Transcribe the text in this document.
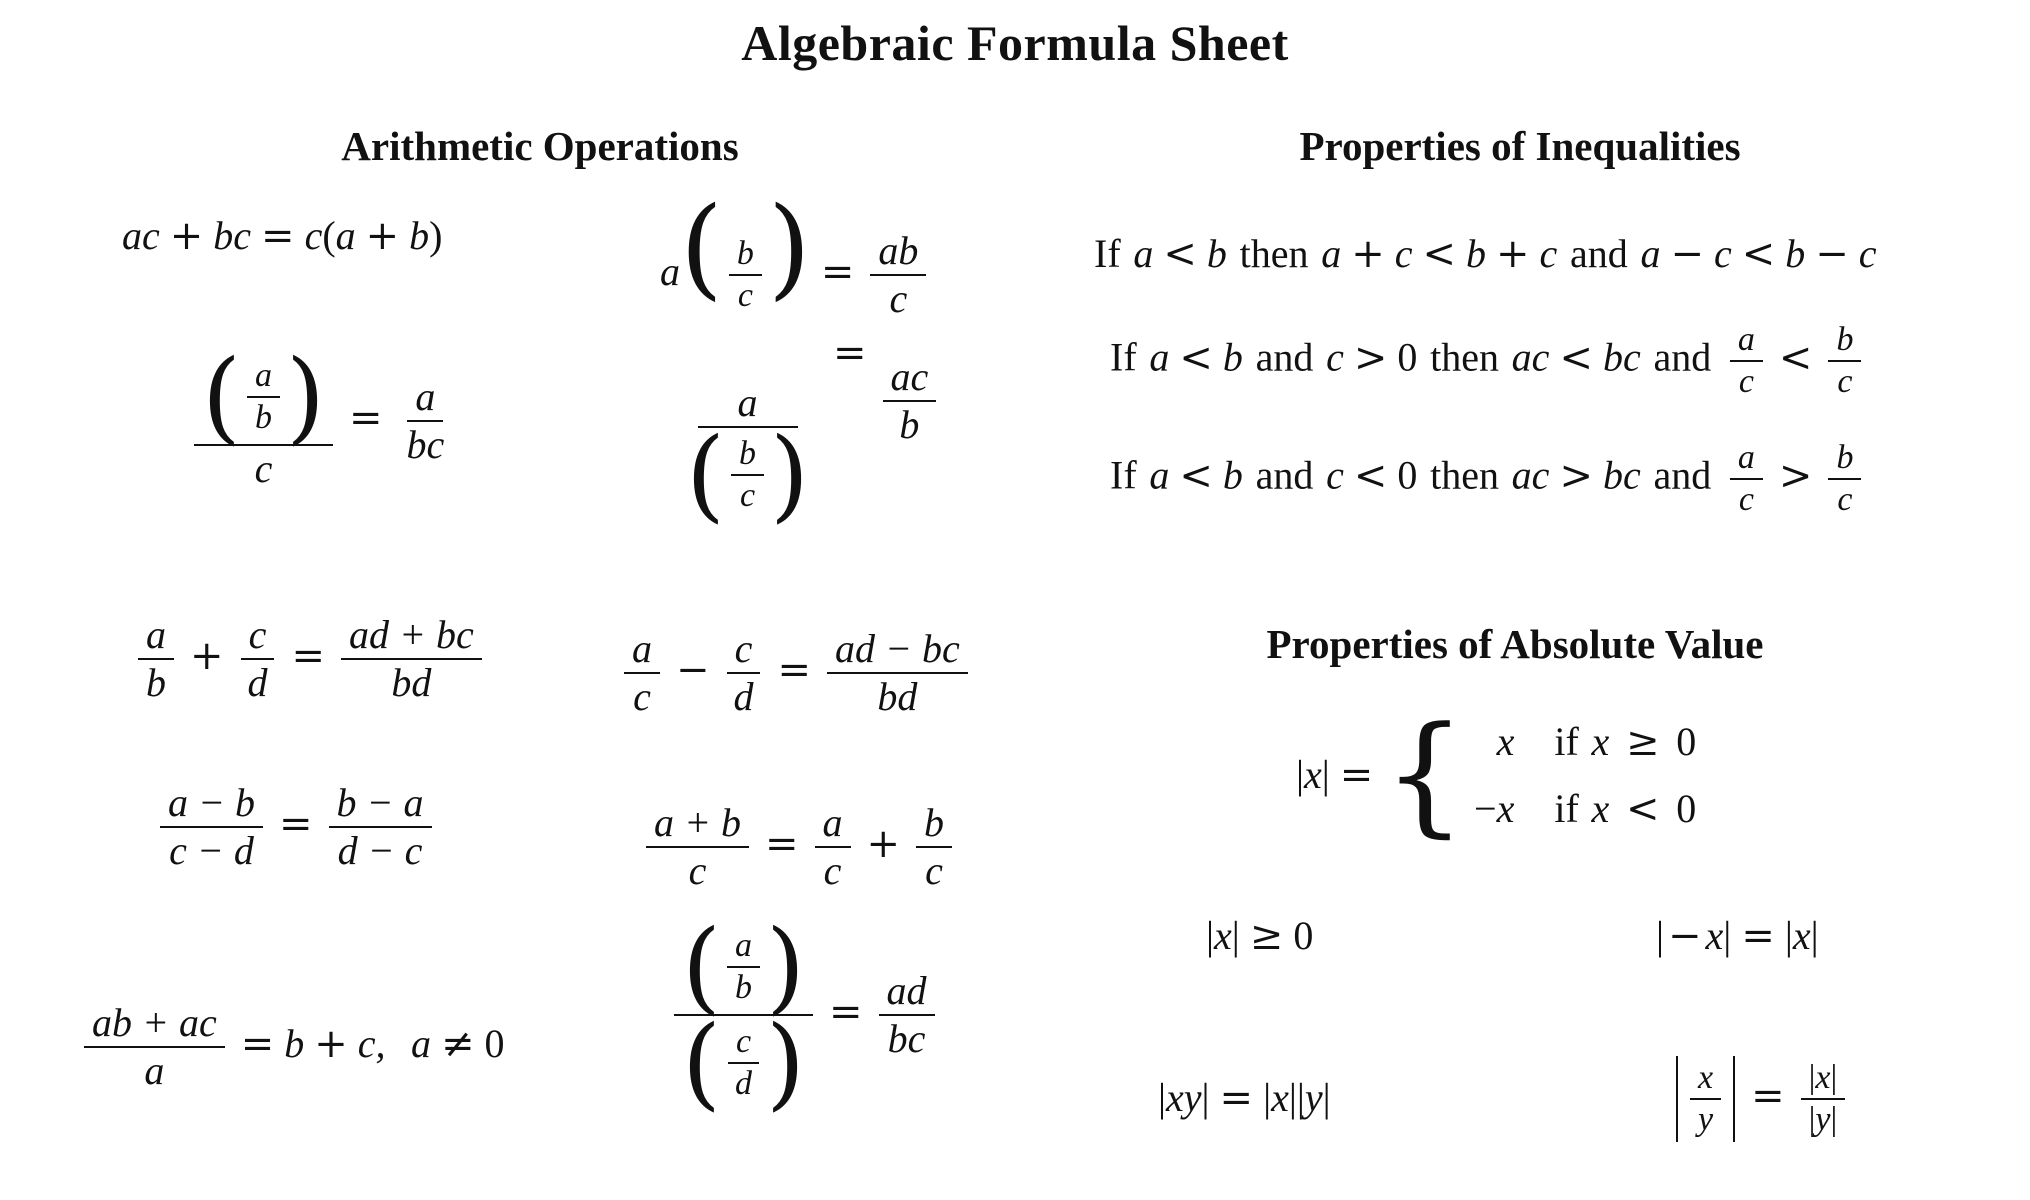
Algebraic Formula Sheet
Arithmetic Operations	Properties of Inequalities
Properties of Absolute Value
ac + bc = c(a + b)
$\frac{( \frac{a}{b} )}{c} = \frac{a}{bc}$
$\frac{a}{b} + \frac{c}{d} = \frac{ad + bc}{bd}$
$\frac{a - b}{c - d} = \frac{b - a}{d - c}$
$\frac{ab + ac}{a} = b + c$, a ≠ 0
$a( \frac{b}{c}$ ) = $\frac{ab}{c}$
$\frac{a}{( \frac{b}{c} )}$
=
$\frac{ac}{b}$
$\frac{a}{c} - \frac{c}{d} = \frac{ad - bc}{bd}$
$\frac{a + b}{c} = \frac{a}{c} + \frac{b}{c}$
$\frac{( \frac{a}{b} )}{( \frac{c}{d} )} = \frac{ad}{bc}$
If a < b then a + c < b + c and a − c < b − c
If a < b and c > 0 then ac < bc and $\frac{a}{c} < \frac{b}{c}$
If a < b and c < 0 then ac > bc and $\frac{a}{c} > \frac{b}{c}$
| x | = { x if x ≥ 0
−x if x < 0
|x| ≥ 0	| − x| = |x|
|xy| = |x||y|	$\frac{x}{y} = \frac{| x |}{| y |}$
